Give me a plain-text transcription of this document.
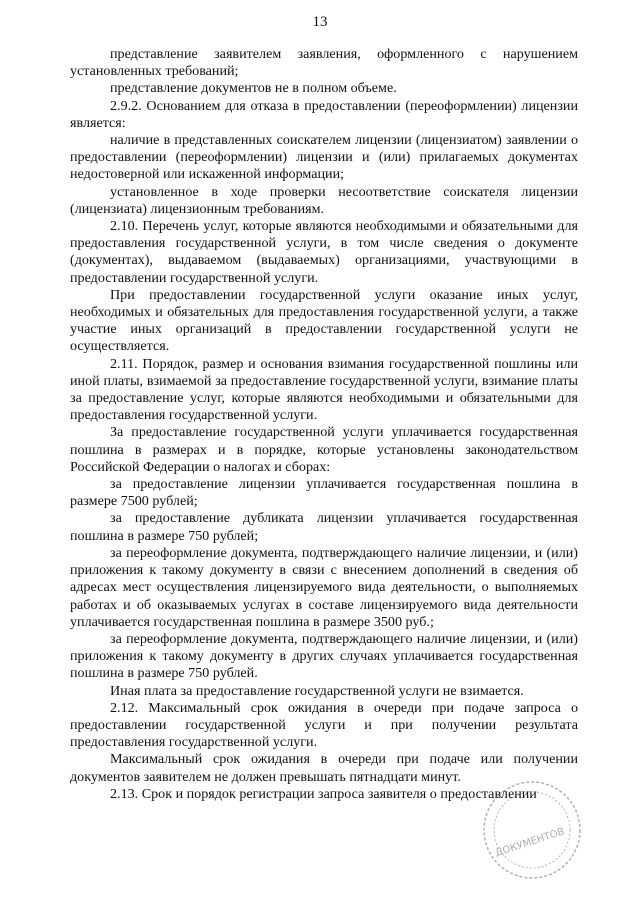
13

представление заявителем заявления, оформленного с нарушением установленных требований;

представление документов не в полном объеме.

2.9.2. Основанием для отказа в предоставлении (переоформлении) лицензии является:

наличие в представленных соискателем лицензии (лицензиатом) заявлении о предоставлении (переоформлении) лицензии и (или) прилагаемых документах недостоверной или искаженной информации;

установленное в ходе проверки несоответствие соискателя лицензии (лицензиата) лицензионным требованиям.

2.10. Перечень услуг, которые являются необходимыми и обязательными для предоставления государственной услуги, в том числе сведения о документе (документах), выдаваемом (выдаваемых) организациями, участвующими в предоставлении государственной услуги.

При предоставлении государственной услуги оказание иных услуг, необходимых и обязательных для предоставления государственной услуги, а также участие иных организаций в предоставлении государственной услуги не осуществляется.

2.11. Порядок, размер и основания взимания государственной пошлины или иной платы, взимаемой за предоставление государственной услуги, взимание платы за предоставление услуг, которые являются необходимыми и обязательными для предоставления государственной услуги.

За предоставление государственной услуги уплачивается государственная пошлина в размерах и в порядке, которые установлены законодательством Российской Федерации о налогах и сборах:

за предоставление лицензии уплачивается государственная пошлина в размере 7500 рублей;

за предоставление дубликата лицензии уплачивается государственная пошлина в размере 750 рублей;

за переоформление документа, подтверждающего наличие лицензии, и (или) приложения к такому документу в связи с внесением дополнений в сведения об адресах мест осуществления лицензируемого вида деятельности, о выполняемых работах и об оказываемых услугах в составе лицензируемого вида деятельности уплачивается государственная пошлина в размере 3500 руб.;

за переоформление документа, подтверждающего наличие лицензии, и (или) приложения к такому документу в других случаях уплачивается государственная пошлина в размере 750 рублей.

Иная плата за предоставление государственной услуги не взимается.

2.12. Максимальный срок ожидания в очереди при подаче запроса о предоставлении государственной услуги и при получении результата предоставления государственной услуги.

Максимальный срок ожидания в очереди при подаче или получении документов заявителем не должен превышать пятнадцати минут.

2.13. Срок и порядок регистрации запроса заявителя о предоставлении

ДОКУМЕНТОВ
